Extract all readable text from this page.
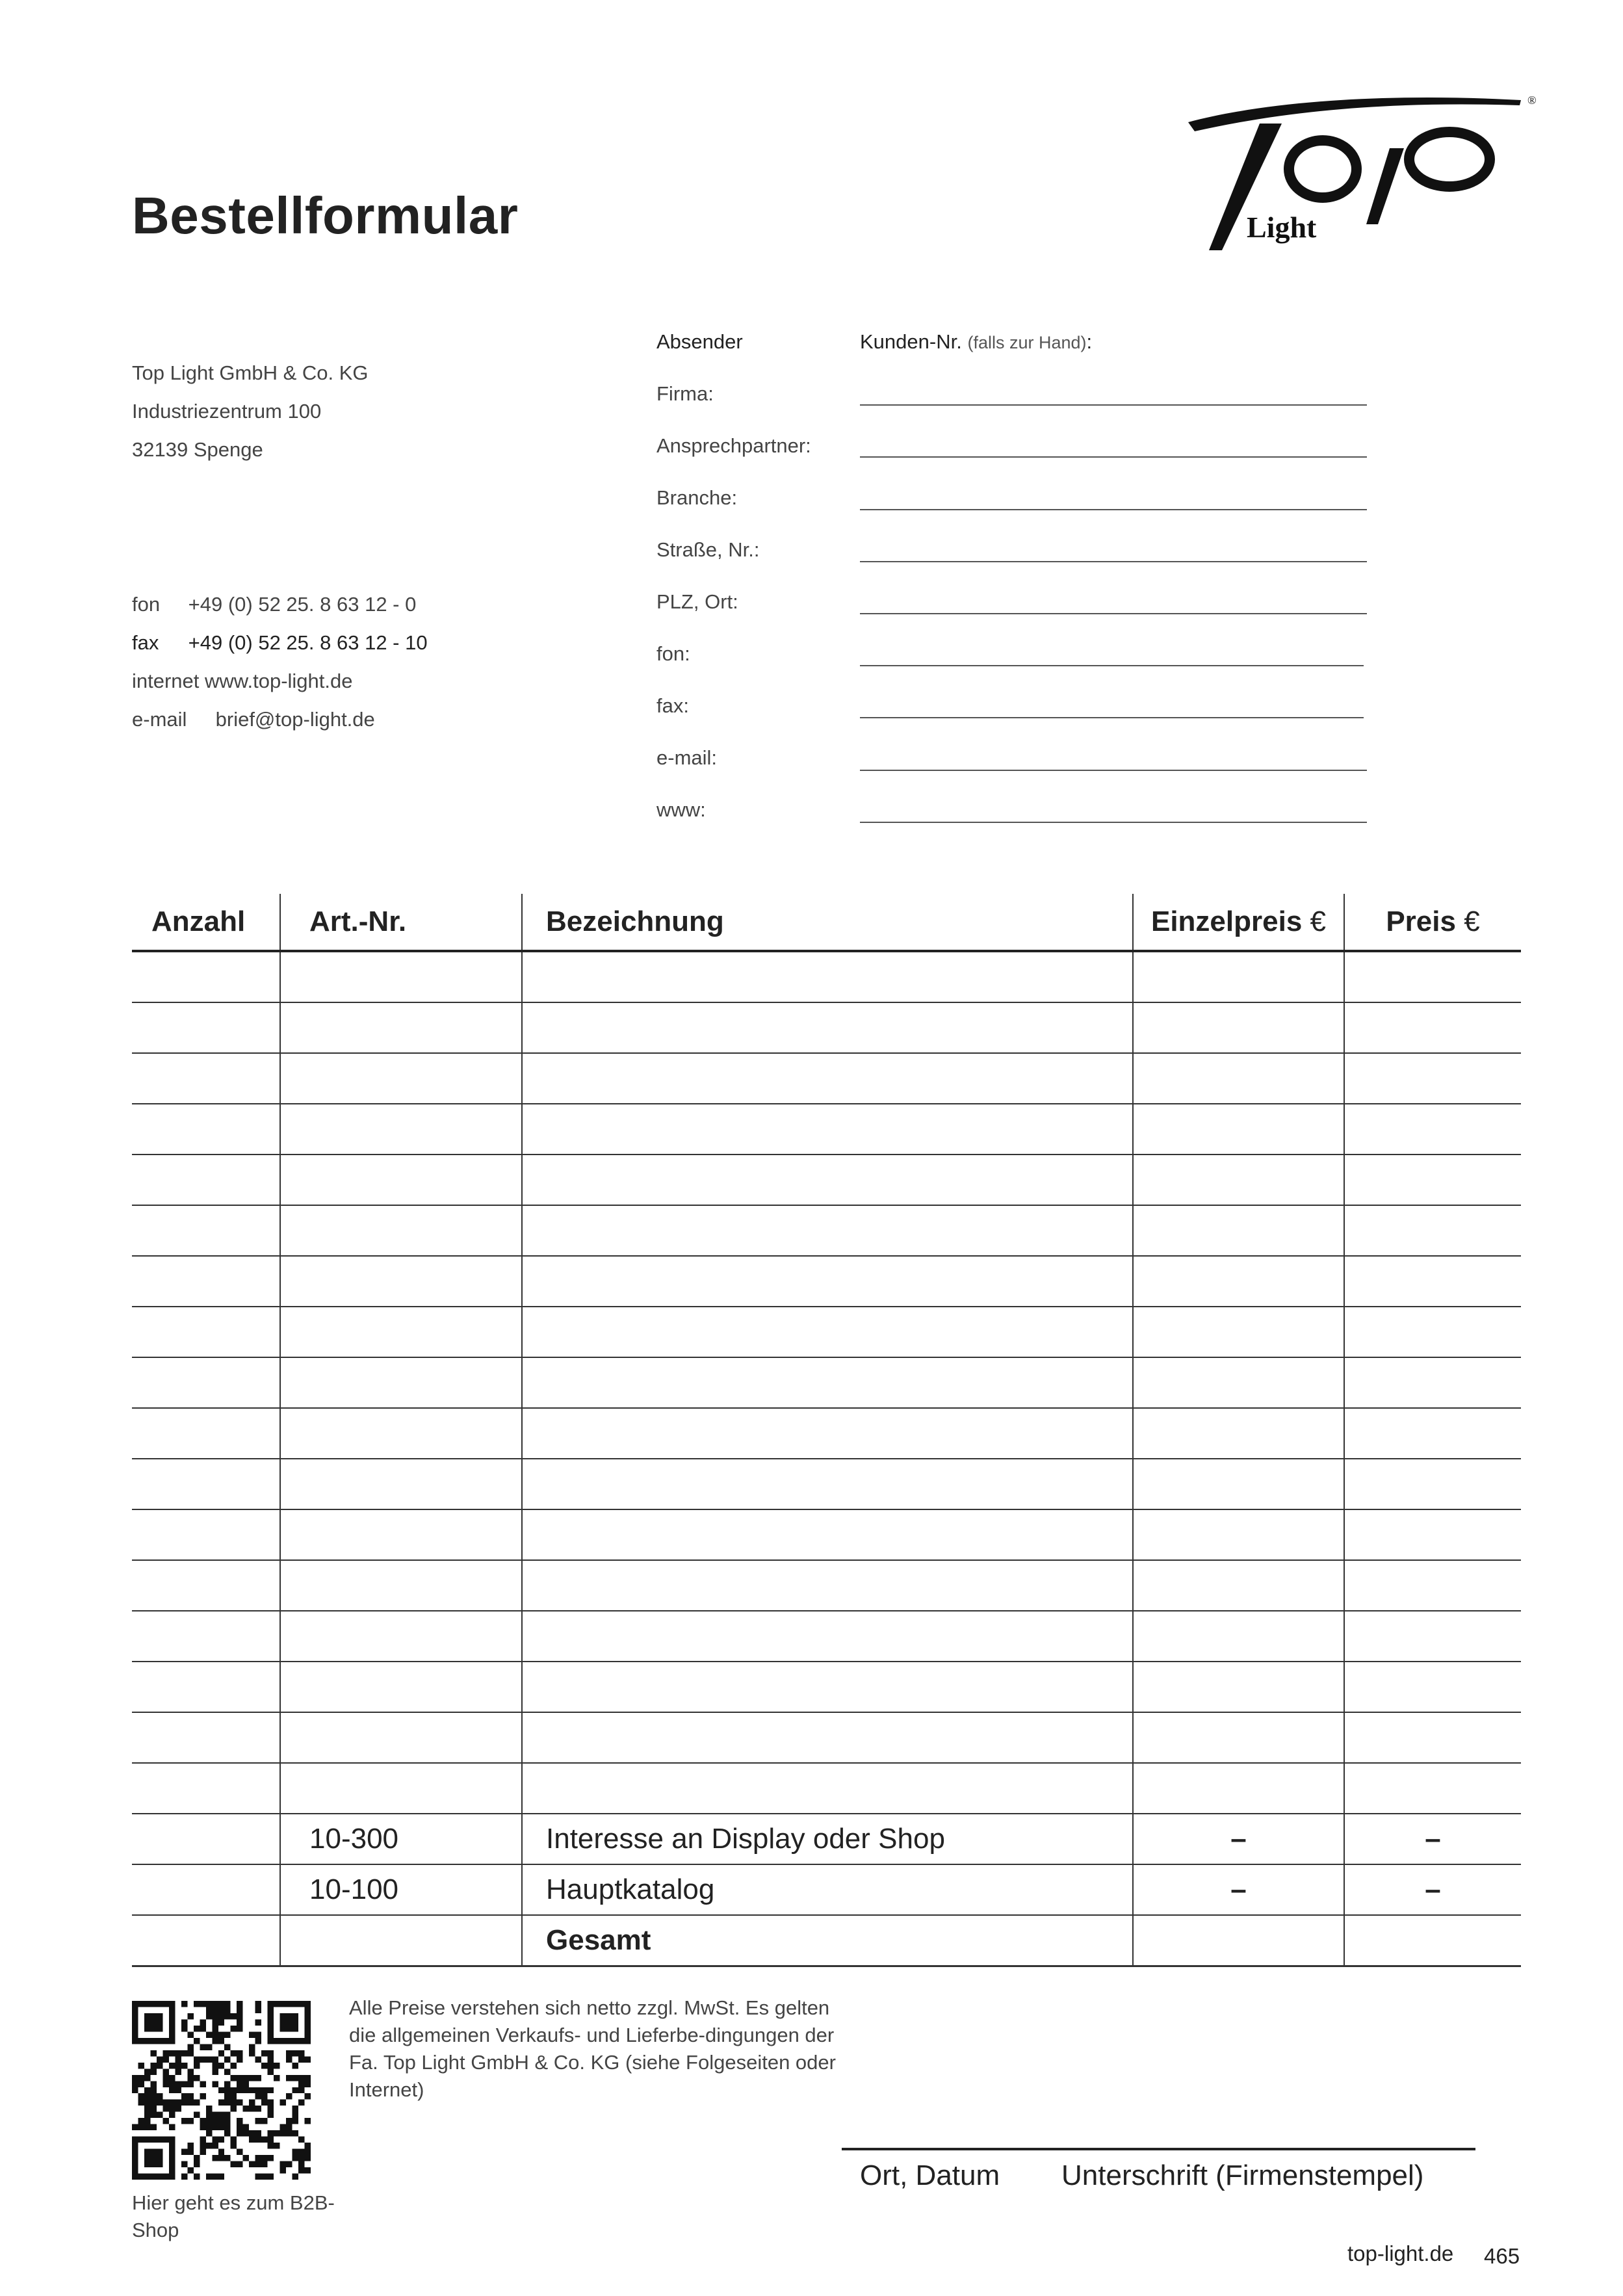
Bestellformular
®
Light
Top Light GmbH & Co. KG
Industriezentrum 100
32139 Spenge
fon +49 (0) 52 25. 8 63 12 - 0
fax +49 (0) 52 25. 8 63 12 - 10
internet www.top-light.de
e-mail brief@top-light.de
Absender	Kunden-Nr. (falls zur Hand):
Firma:
Ansprechpartner:
Branche:
Straße, Nr.:
PLZ, Ort:
fon:
fax:
e-mail:
www:
Anzahl	Art.-Nr.	Bezeichnung	Einzelpreis €	Preis €

	10-300	Interesse an Display oder Shop	–	–
	10-100	Hauptkatalog	–	–
		Gesamt		
Hier geht es zum B2B-Shop
Alle Preise verstehen sich netto zzgl. MwSt. Es gelten die allgemeinen Verkaufs- und Lieferbe-dingungen der Fa. Top Light GmbH & Co. KG (siehe Folgeseiten oder Internet)
Ort, Datum Unterschrift (Firmenstempel)
top-light.de 465
